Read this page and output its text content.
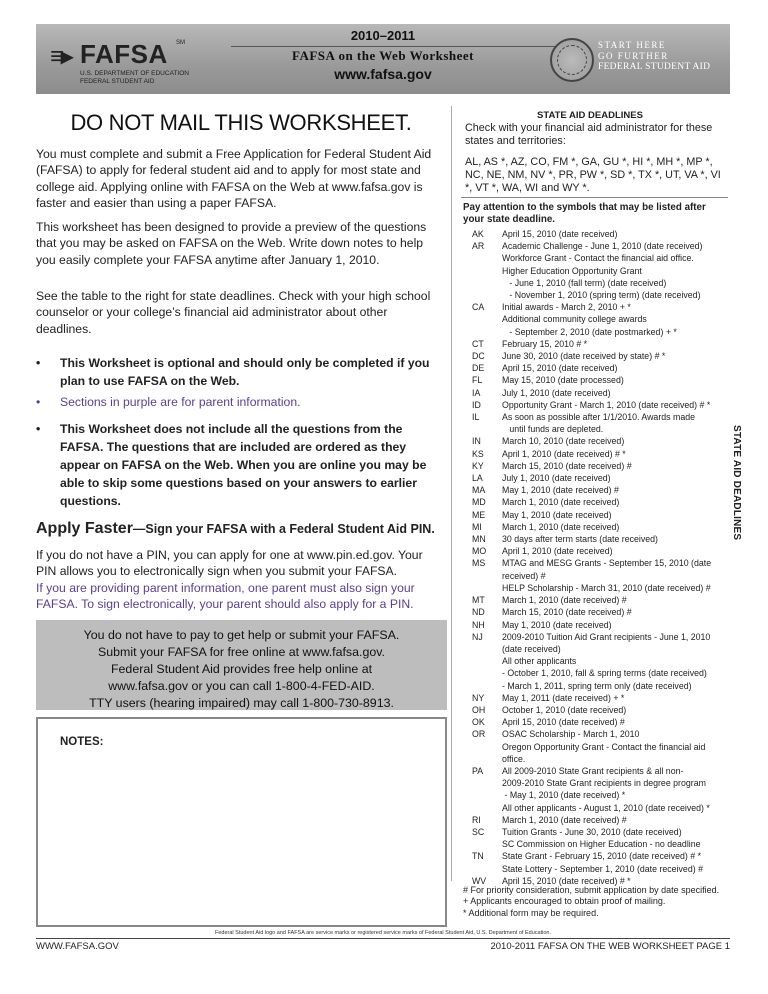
≡▸ FAFSA SM
U.S. DEPARTMENT OF EDUCATION
FEDERAL STUDENT AID
2010–2011
FAFSA on the Web Worksheet
www.fafsa.gov
START HERE
GO FURTHER
FEDERAL STUDENT AID
DO NOT MAIL THIS WORKSHEET.
You must complete and submit a Free Application for Federal Student Aid (FAFSA) to apply for federal student aid and to apply for most state and college aid. Applying online with FAFSA on the Web at www.fafsa.gov is faster and easier than using a paper FAFSA.
This worksheet has been designed to provide a preview of the questions that you may be asked on FAFSA on the Web. Write down notes to help you easily complete your FAFSA anytime after January 1, 2010.
See the table to the right for state deadlines. Check with your high school counselor or your college’s financial aid administrator about other deadlines.
• This Worksheet is optional and should only be completed if you plan to use FAFSA on the Web.
• Sections in purple are for parent information.
• This Worksheet does not include all the questions from the FAFSA. The questions that are included are ordered as they appear on FAFSA on the Web. When you are online you may be able to skip some questions based on your answers to earlier questions.
Apply Faster—Sign your FAFSA with a Federal Student Aid PIN.
If you do not have a PIN, you can apply for one at www.pin.ed.gov. Your PIN allows you to electronically sign when you submit your FAFSA.
If you are providing parent information, one parent must also sign your FAFSA. To sign electronically, your parent should also apply for a PIN.
You do not have to pay to get help or submit your FAFSA.
Submit your FAFSA for free online at www.fafsa.gov.
Federal Student Aid provides free help online at
www.fafsa.gov or you can call 1-800-4-FED-AID.
TTY users (hearing impaired) may call 1-800-730-8913.
NOTES:
STATE AID DEADLINES
Check with your financial aid administrator for these states and territories:
AL, AS *, AZ, CO, FM *, GA, GU *, HI *, MH *, MP *, NC, NE, NM, NV *, PR, PW *, SD *, TX *, UT, VA *, VI *, VT *, WA, WI and WY *.
Pay attention to the symbols that may be listed after your state deadline.
AK	April 15, 2010 (date received)
AR	Academic Challenge - June 1, 2010 (date received)
Workforce Grant - Contact the financial aid office.
Higher Education Opportunity Grant
- June 1, 2010 (fall term) (date received)
- November 1, 2010 (spring term) (date received)
CA	Initial awards - March 2, 2010 + *
Additional community college awards
- September 2, 2010 (date postmarked) + *
CT	February 15, 2010 # *
DC	June 30, 2010 (date received by state) # *
DE	April 15, 2010 (date received)
FL	May 15, 2010 (date processed)
IA	July 1, 2010 (date received)
ID	Opportunity Grant - March 1, 2010 (date received) # *
IL	As soon as possible after 1/1/2010. Awards made
until funds are depleted.
IN	March 10, 2010 (date received)
KS	April 1, 2010 (date received) # *
KY	March 15, 2010 (date received) #
LA	July 1, 2010 (date received)
MA	May 1, 2010 (date received) #
MD	March 1, 2010 (date received)
ME	May 1, 2010 (date received)
MI	March 1, 2010 (date received)
MN	30 days after term starts (date received)
MO	April 1, 2010 (date received)
MS	MTAG and MESG Grants - September 15, 2010 (date
received) #
HELP Scholarship - March 31, 2010 (date received) #
MT	March 1, 2010 (date received) #
ND	March 15, 2010 (date received) #
NH	May 1, 2010 (date received)
NJ	2009-2010 Tuition Aid Grant recipients - June 1, 2010
(date received)
All other applicants
- October 1, 2010, fall & spring terms (date received)
- March 1, 2011, spring term only (date received)
NY	May 1, 2011 (date received) + *
OH	October 1, 2010 (date received)
OK	April 15, 2010 (date received) #
OR	OSAC Scholarship - March 1, 2010
Oregon Opportunity Grant - Contact the financial aid
office.
PA	All 2009-2010 State Grant recipients & all non-
2009-2010 State Grant recipients in degree program
- May 1, 2010 (date received) *
All other applicants - August 1, 2010 (date received) *
RI	March 1, 2010 (date received) #
SC	Tuition Grants - June 30, 2010 (date received)
SC Commission on Higher Education - no deadline
TN	State Grant - February 15, 2010 (date received) # *
State Lottery - September 1, 2010 (date received) #
WV	April 15, 2010 (date received) # *
# For priority consideration, submit application by date specified.
+ Applicants encouraged to obtain proof of mailing.
* Additional form may be required.
STATE AID DEADLINES
Federal Student Aid logo and FAFSA are service marks or registered service marks of Federal Student Aid, U.S. Department of Education.
WWW.FAFSA.GOV	2010-2011 FAFSA ON THE WEB WORKSHEET PAGE 1
